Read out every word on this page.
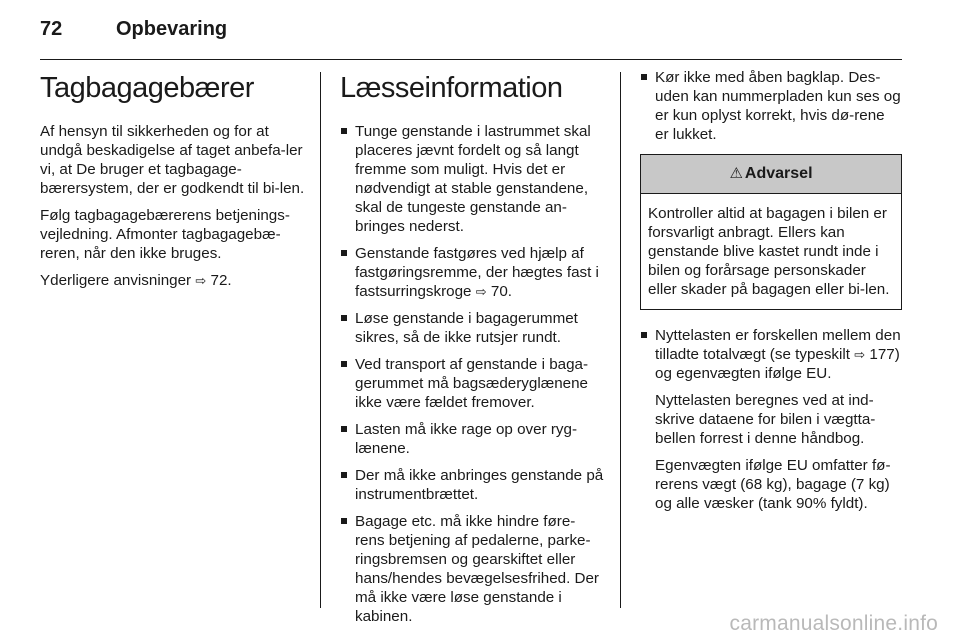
72	Opbevaring
Tagbagagebærer

Af hensyn til sikkerheden og for at undgå beskadigelse af taget anbefa-ler vi, at De bruger et tagbagage-bærersystem, der er godkendt til bi-len.

Følg tagbagagebærerens betjenings-vejledning. Afmonter tagbagagebæ-reren, når den ikke bruges.

Yderligere anvisninger ⇨ 72.

Læsseinformation
Tunge genstande i lastrummet skal placeres jævnt fordelt og så langt fremme som muligt. Hvis det er nødvendigt at stable genstandene, skal de tungeste genstande an-bringes nederst.
Genstande fastgøres ved hjælp af fastgøringsremme, der hægtes fast i fastsurringskroge ⇨ 70.
Løse genstande i bagagerummet sikres, så de ikke rutsjer rundt.
Ved transport af genstande i baga-gerummet må bagsæderyglænene ikke være fældet fremover.
Lasten må ikke rage op over ryg-lænene.
Der må ikke anbringes genstande på instrumentbrættet.
Bagage etc. må ikke hindre føre-rens betjening af pedalerne, parke-ringsbremsen og gearskiftet eller hans/hendes bevægelsesfrihed. Der må ikke være løse genstande i kabinen.
Kør ikke med åben bagklap. Des-uden kan nummerpladen kun ses og er kun oplyst korrekt, hvis dø-rene er lukket.
⚠ Advarsel
Kontroller altid at bagagen i bilen er forsvarligt anbragt. Ellers kan genstande blive kastet rundt inde i bilen og forårsage personskader eller skader på bagagen eller bi-len.
Nyttelasten er forskellen mellem den tilladte totalvægt (se typeskilt ⇨ 177) og egenvægten ifølge EU.

Nyttelasten beregnes ved at ind-skrive dataene for bilen i vægtta-bellen forrest i denne håndbog.

Egenvægten ifølge EU omfatter fø-rerens vægt (68 kg), bagage (7 kg) og alle væsker (tank 90% fyldt).

carmanualsonline.info
